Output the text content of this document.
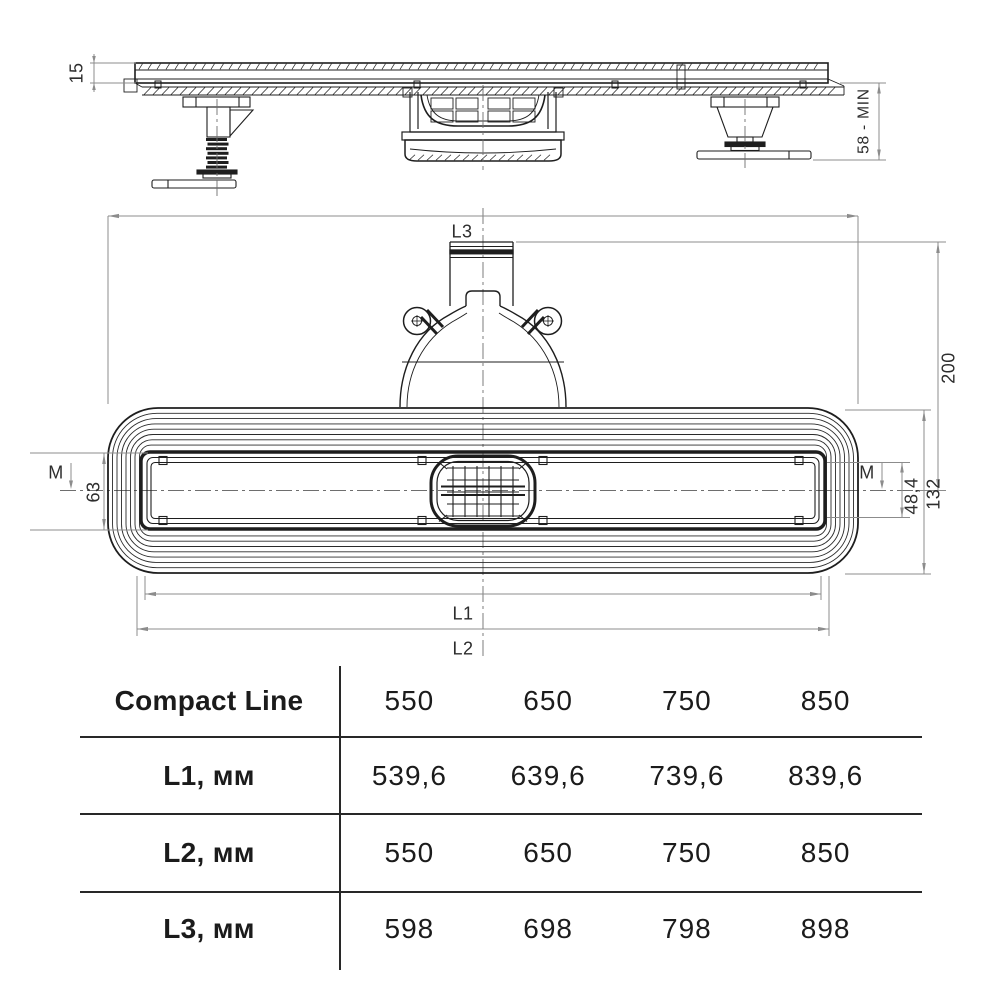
15
58 - MIN
L3
200
132
48,4
M
M
63
L1
L2
Compact Line	550	650	750	850
L1, мм	539,6	639,6	739,6	839,6
L2, мм	550	650	750	850
L3, мм	598	698	798	898
